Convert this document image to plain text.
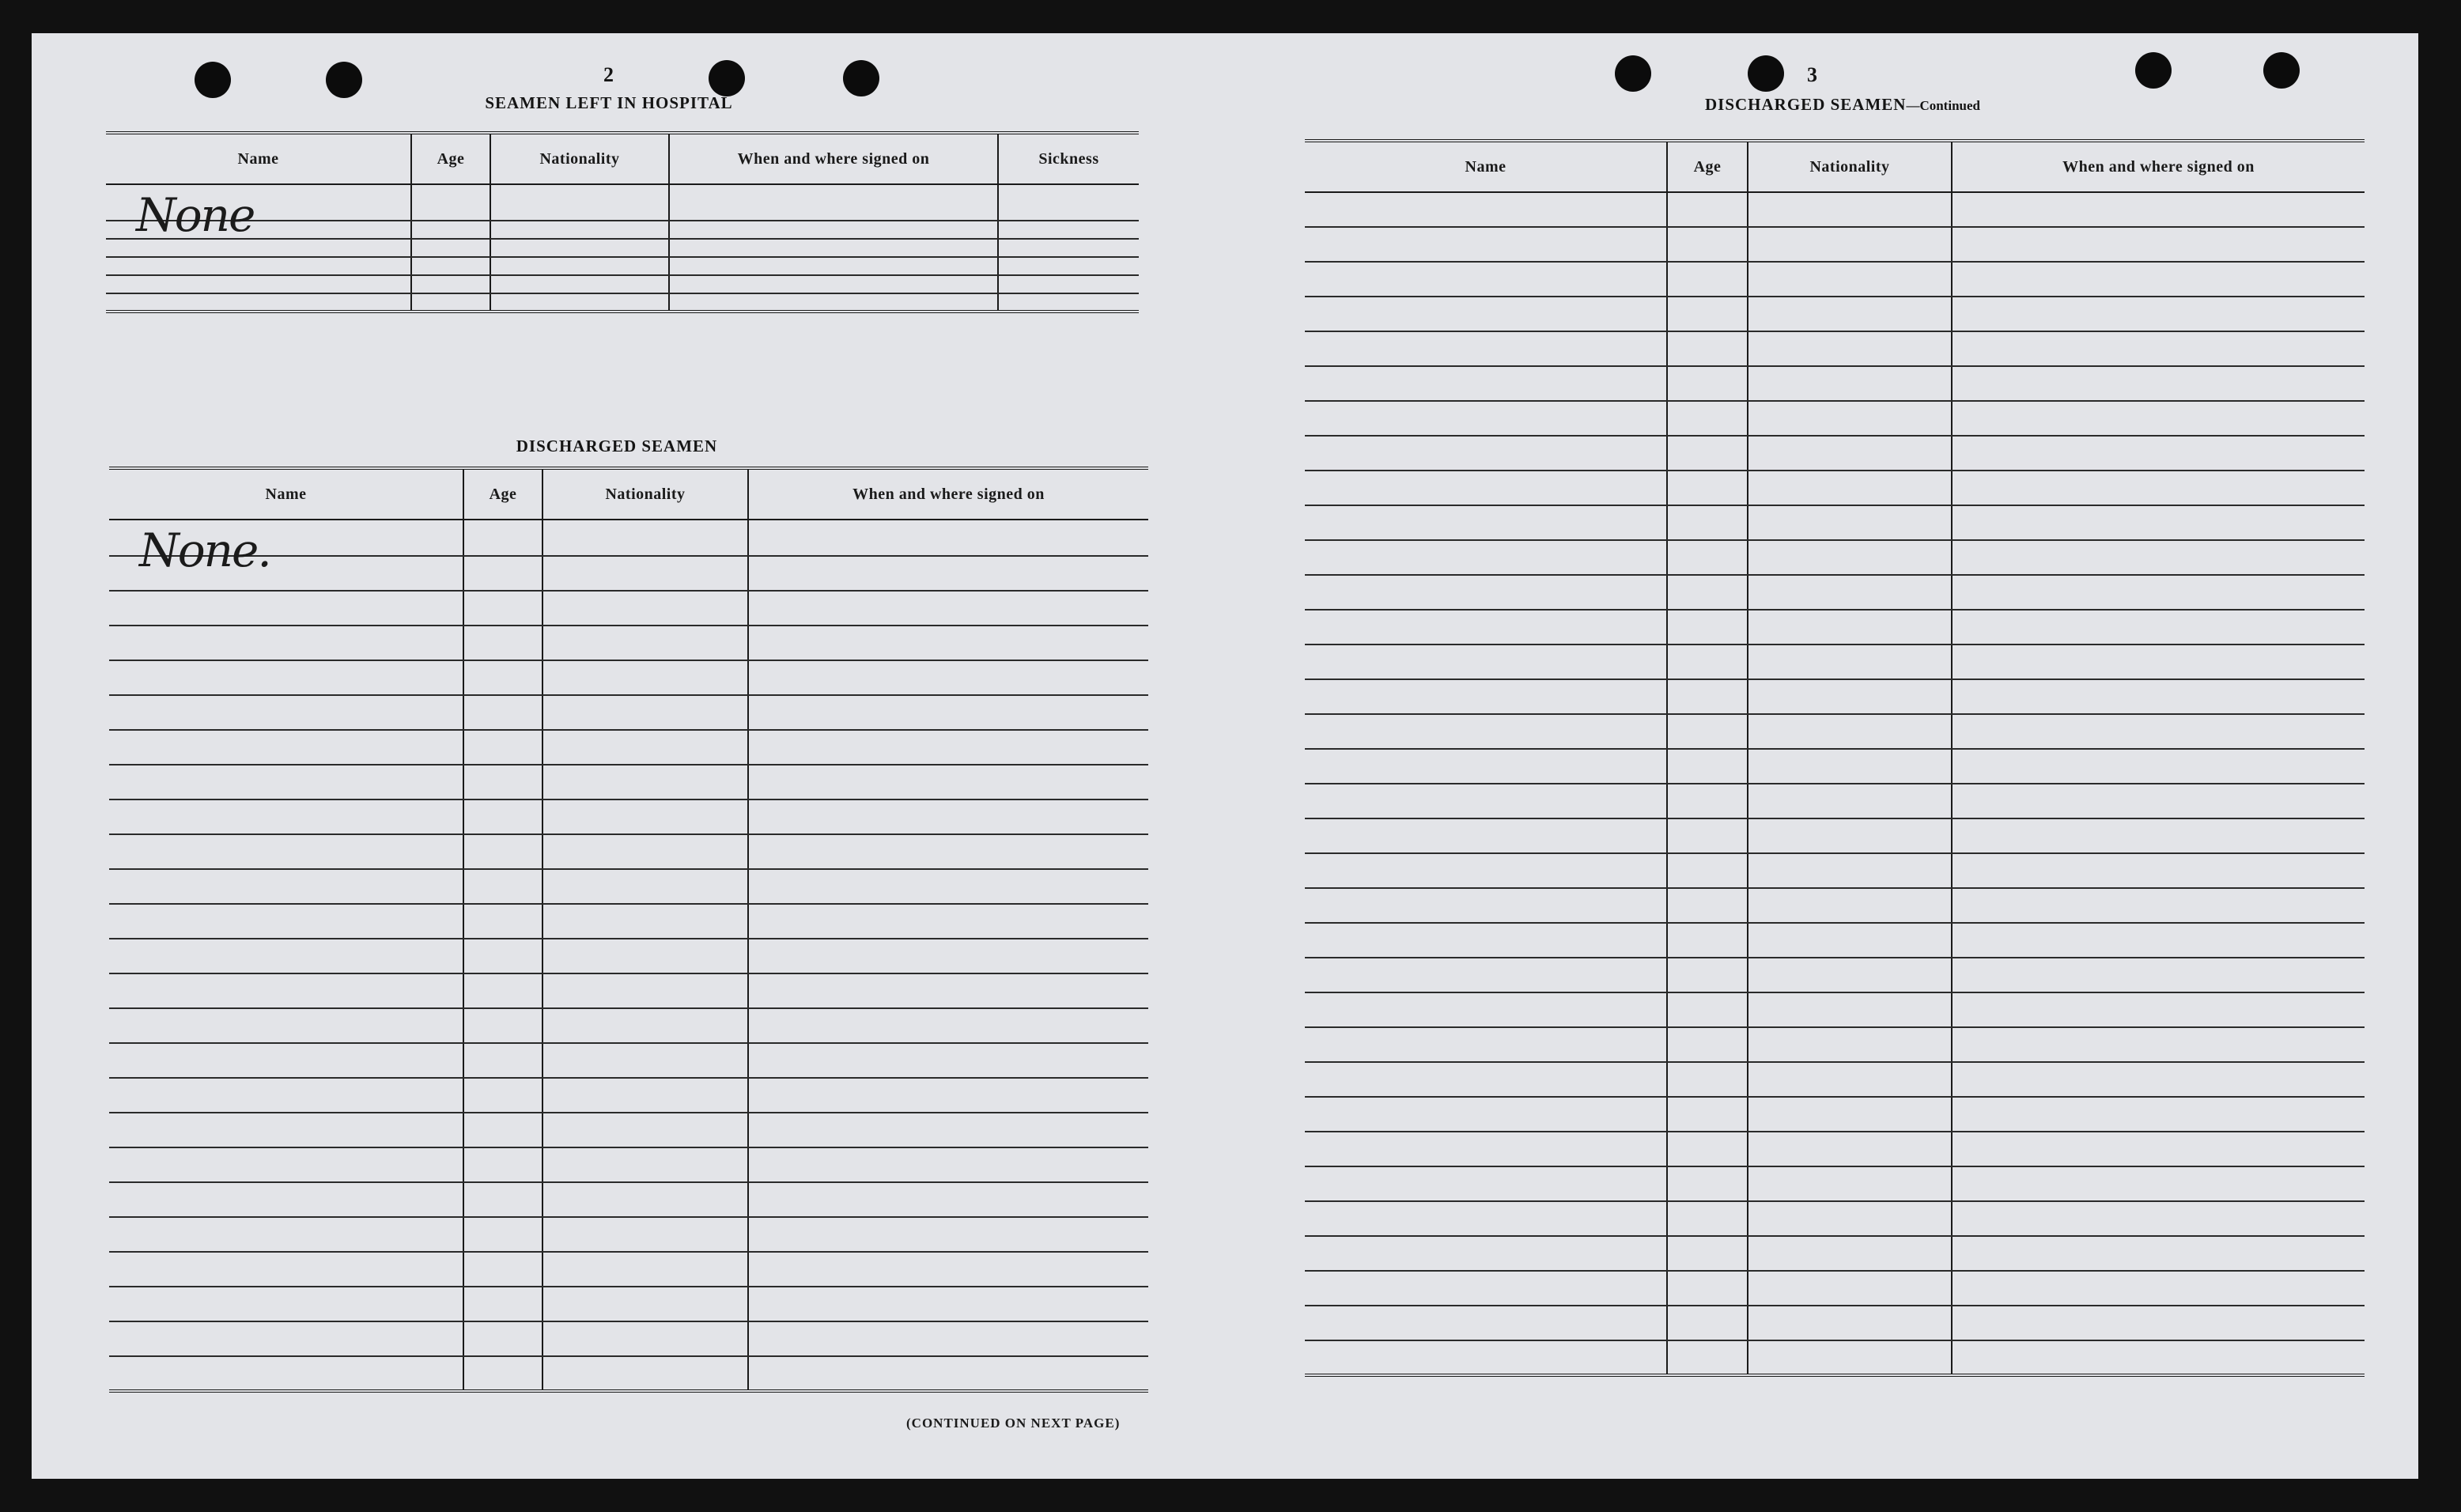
2
SEAMEN LEFT IN HOSPITAL
Name	Age	Nationality	When and where signed on	Sickness

None				

DISCHARGED SEAMEN
Name	Age	Nationality	When and where signed on

None.			

(CONTINUED ON NEXT PAGE)
3
DISCHARGED SEAMEN—Continued
Name	Age	Nationality	When and where signed on
